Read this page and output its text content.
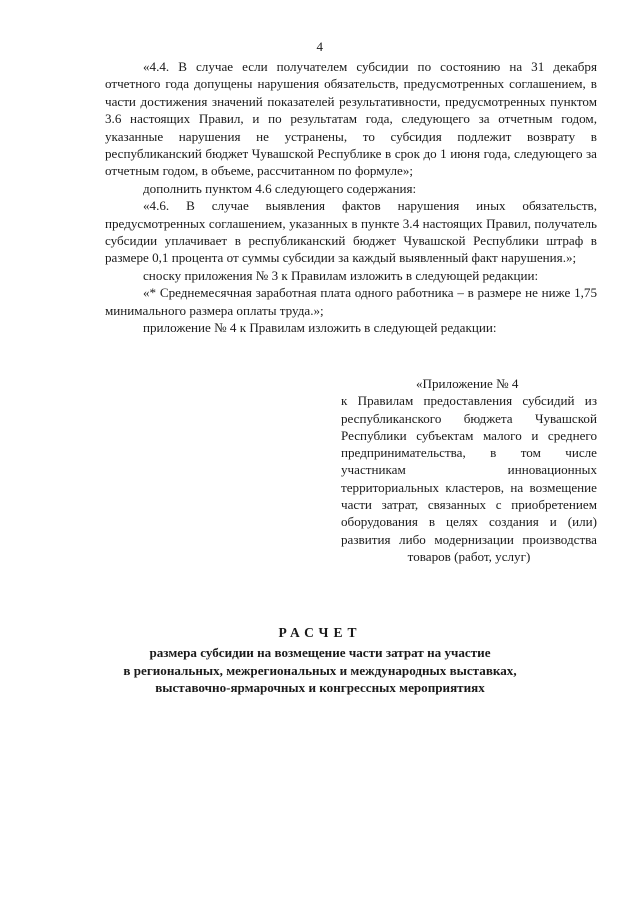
4

«4.4. В случае если получателем субсидии по состоянию на 31 декабря отчетного года допущены нарушения обязательств, предусмотренных соглашением, в части достижения значений показателей результативности, предусмотренных пунктом 3.6 настоящих Правил, и по результатам года, следующего за отчетным годом, указанные нарушения не устранены, то субсидия подлежит возврату в республиканский бюджет Чувашской Республике в срок до 1 июня года, следующего за отчетным годом, в объеме, рассчитанном по формуле»;

дополнить пунктом 4.6 следующего содержания:

«4.6. В случае выявления фактов нарушения иных обязательств, предусмотренных соглашением, указанных в пункте 3.4 настоящих Правил, получатель субсидии уплачивает в республиканский бюджет Чувашской Республики штраф в размере 0,1 процента от суммы субсидии за каждый выявленный факт нарушения.»;

сноску приложения № 3 к Правилам изложить в следующей редакции:

«* Среднемесячная заработная плата одного работника – в размере не ниже 1,75 минимального размера оплаты труда.»;

приложение № 4 к Правилам изложить в следующей редакции:

«Приложение № 4

к Правилам предоставления субсидий из республиканского бюджета Чувашской Республики субъектам малого и среднего предпринимательства, в том числе участникам инновационных территориальных кластеров, на возмещение части затрат, связанных с приобретением оборудования в целях создания и (или) развития либо модернизации производства товаров (работ, услуг)

РАСЧЕТ
размера субсидии на возмещение части затрат на участие
в региональных, межрегиональных и международных выставках,
выставочно-ярмарочных и конгрессных мероприятиях
